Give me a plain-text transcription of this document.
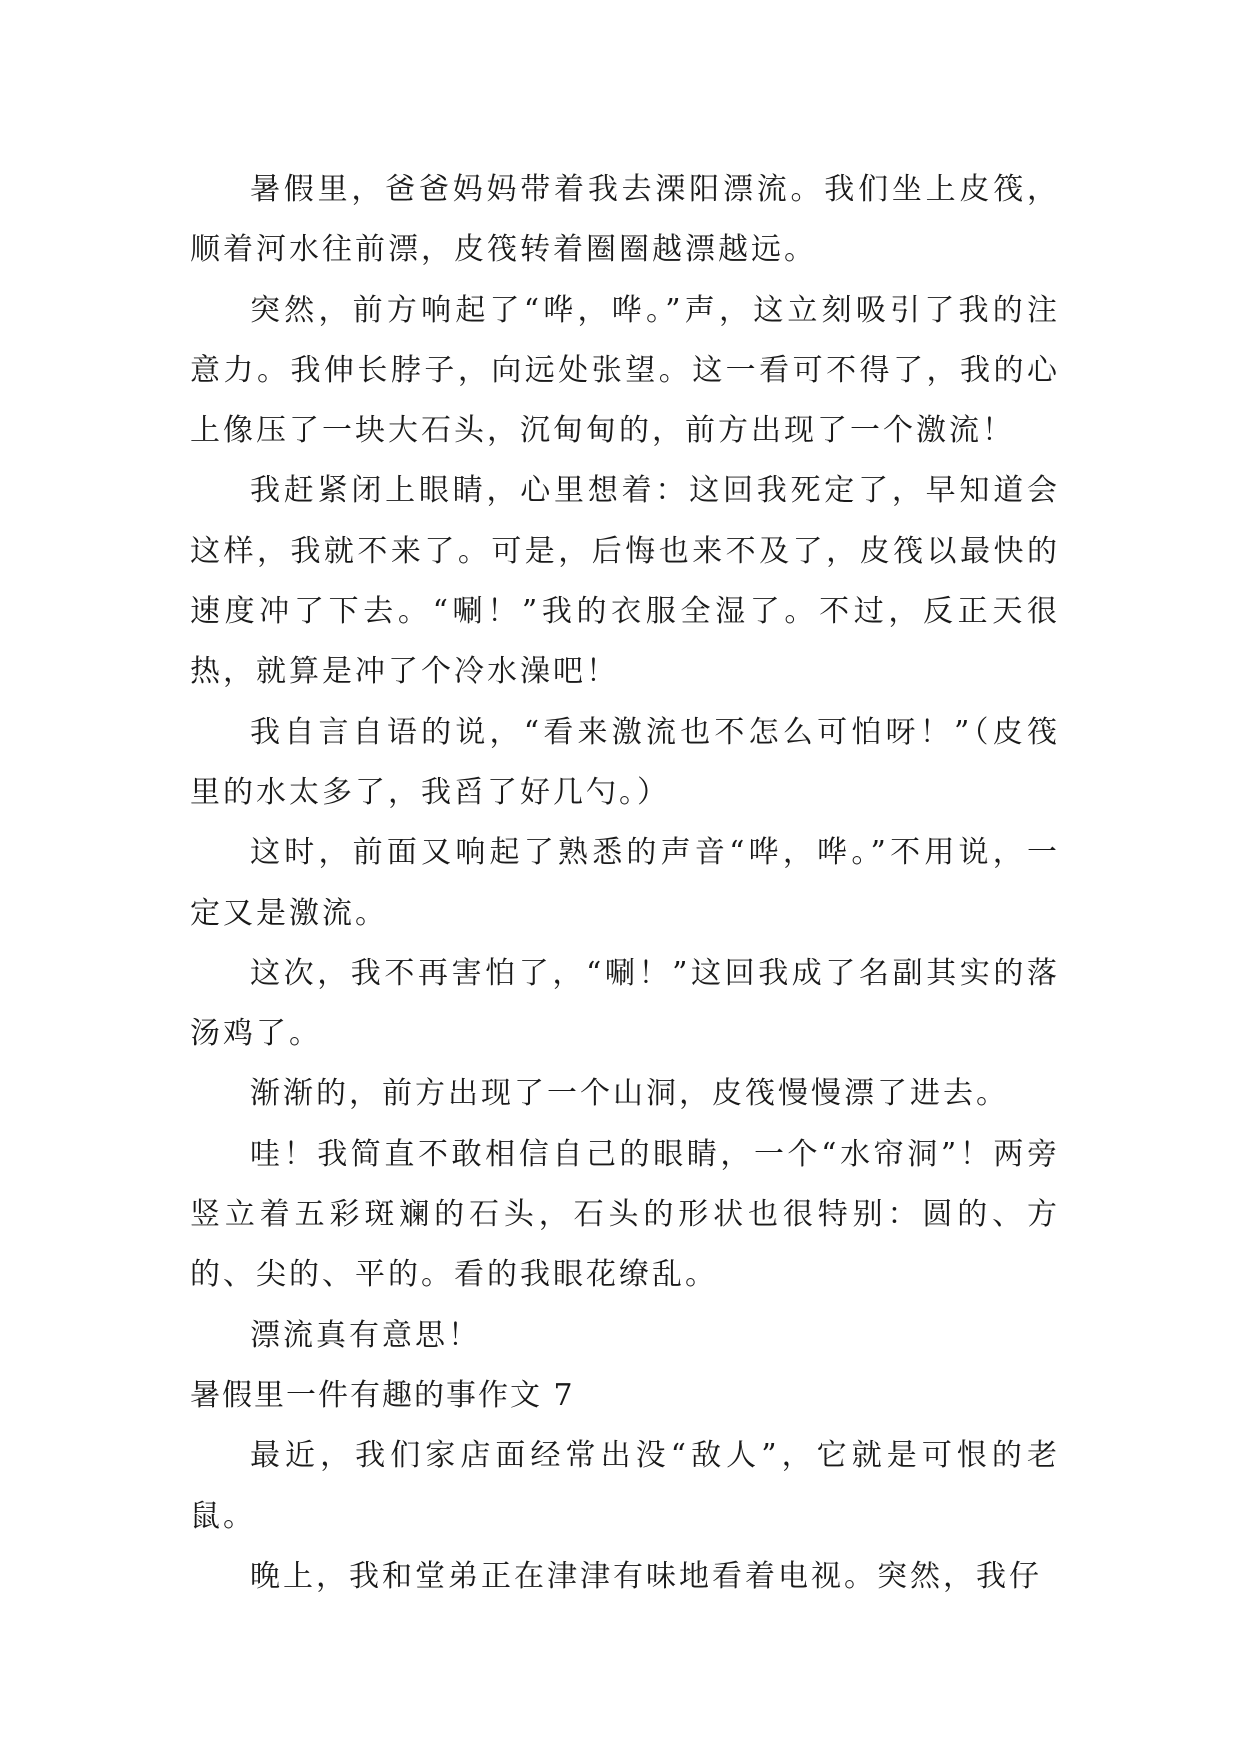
暑假里，爸爸妈妈带着我去溧阳漂流。我们坐上皮筏，顺着河水往前漂，皮筏转着圈圈越漂越远。

突然，前方响起了“哗，哗。”声，这立刻吸引了我的注意力。我伸长脖子，向远处张望。这一看可不得了，我的心上像压了一块大石头，沉甸甸的，前方出现了一个激流！

我赶紧闭上眼睛，心里想着：这回我死定了，早知道会这样，我就不来了。可是，后悔也来不及了，皮筏以最快的速度冲了下去。“唰！”我的衣服全湿了。不过，反正天很热，就算是冲了个冷水澡吧！

我自言自语的说，“看来激流也不怎么可怕呀！”（皮筏里的水太多了，我舀了好几勺。）

这时，前面又响起了熟悉的声音“哗，哗。”不用说，一定又是激流。

这次，我不再害怕了，“唰！”这回我成了名副其实的落汤鸡了。

渐渐的，前方出现了一个山洞，皮筏慢慢漂了进去。

哇！我简直不敢相信自己的眼睛，一个“水帘洞”！两旁竖立着五彩斑斓的石头，石头的形状也很特别：圆的、方的、尖的、平的。看的我眼花缭乱。

漂流真有意思！

暑假里一件有趣的事作文 7

最近，我们家店面经常出没“敌人”，它就是可恨的老鼠。

晚上，我和堂弟正在津津有味地看着电视。突然，我仔
